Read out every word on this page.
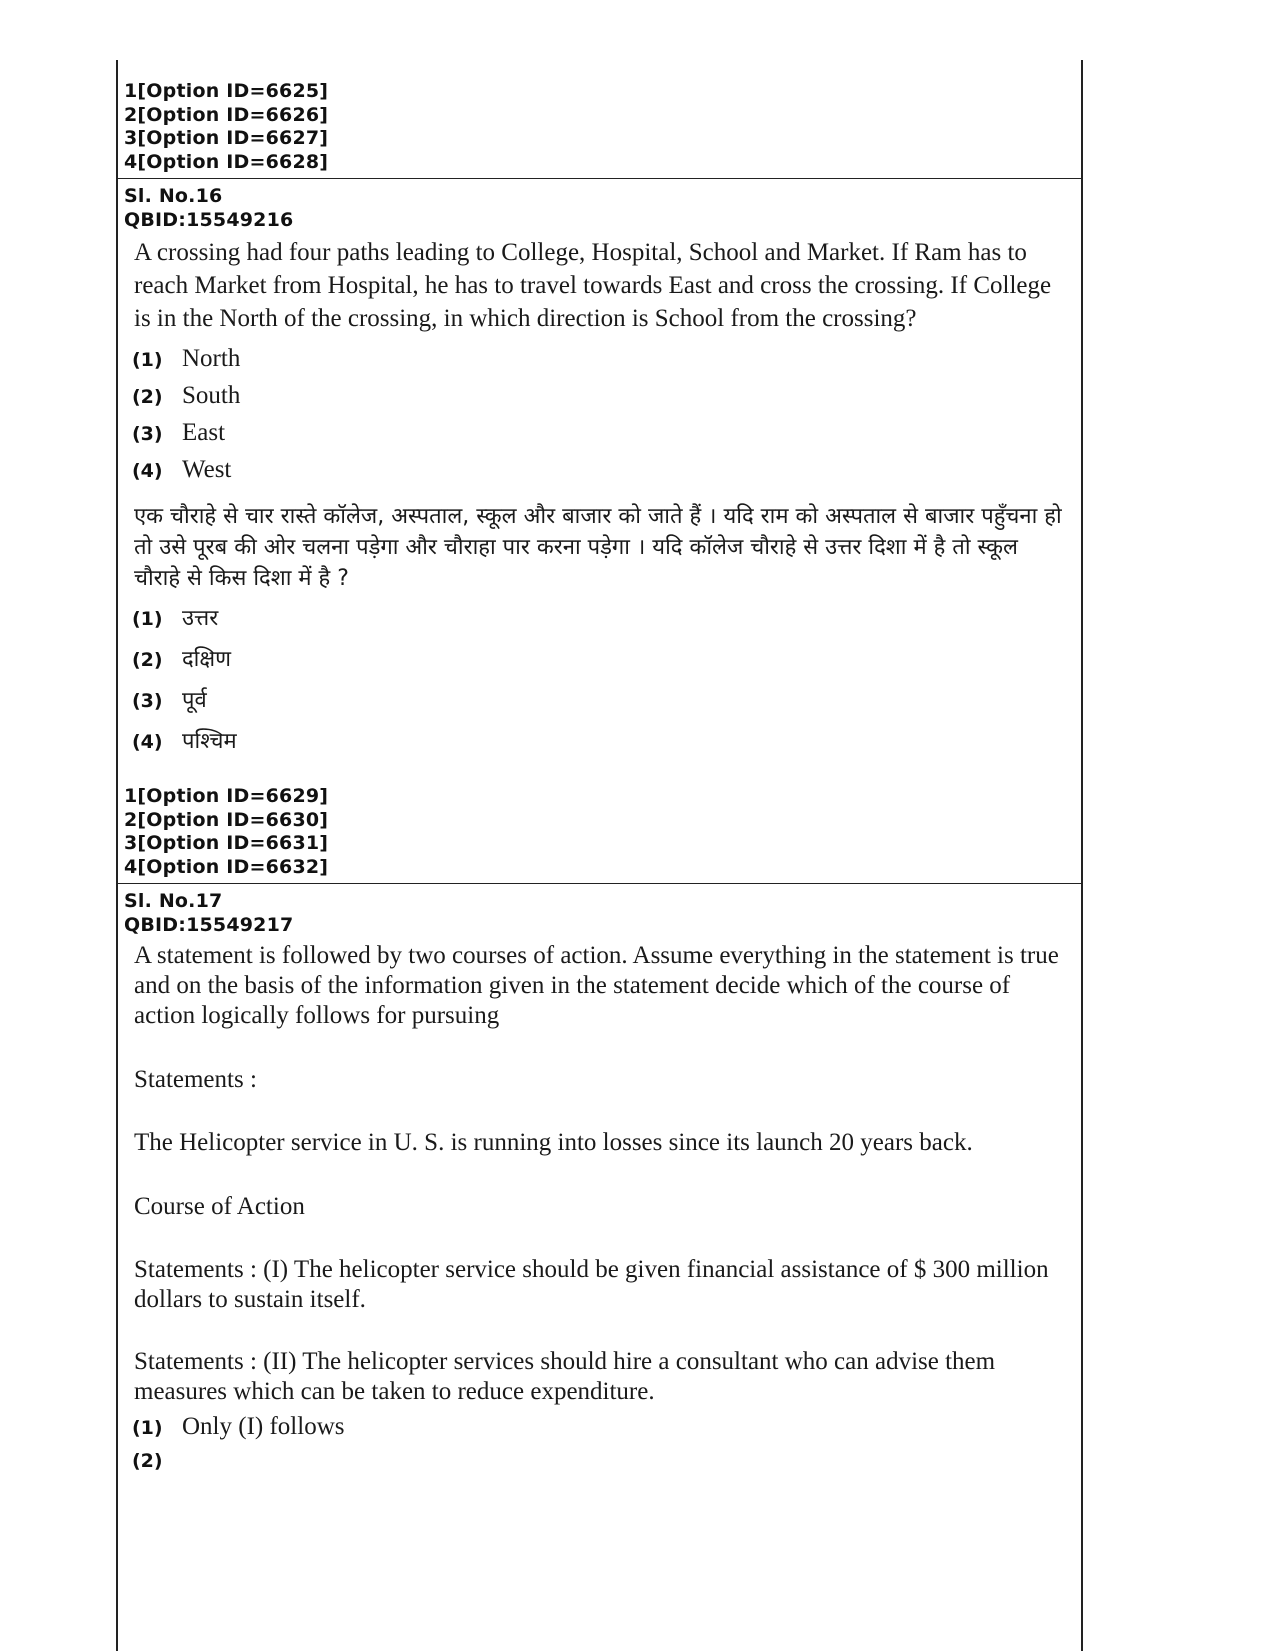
1[Option ID=6625]
2[Option ID=6626]
3[Option ID=6627]
4[Option ID=6628]
Sl. No.16
QBID:15549216
A crossing had four paths leading to College, Hospital, School and Market. If Ram has to reach Market from Hospital, he has to travel towards East and cross the crossing. If College is in the North of the crossing, in which direction is School from the crossing?
(1) North
(2) South
(3) East
(4) West
एक चौराहे से चार रास्ते कॉलेज, अस्पताल, स्कूल और बाजार को जाते हैं । यदि राम को अस्पताल से बाजार पहुँचना हो तो उसे पूरब की ओर चलना पड़ेगा और चौराहा पार करना पड़ेगा । यदि कॉलेज चौराहे से उत्तर दिशा में है तो स्कूल चौराहे से किस दिशा में है ?
(1) उत्तर
(2) दक्षिण
(3) पूर्व
(4) पश्चिम
1[Option ID=6629]
2[Option ID=6630]
3[Option ID=6631]
4[Option ID=6632]
Sl. No.17
QBID:15549217
A statement is followed by two courses of action. Assume everything in the statement is true and on the basis of the information given in the statement decide which of the course of action logically follows for pursuing
Statements :
The Helicopter service in U. S. is running into losses since its launch 20 years back.
Course of Action
Statements : (I) The helicopter service should be given financial assistance of $ 300 million dollars to sustain itself.
Statements : (II) The helicopter services should hire a consultant who can advise them measures which can be taken to reduce expenditure.
(1) Only (I) follows
(2)
